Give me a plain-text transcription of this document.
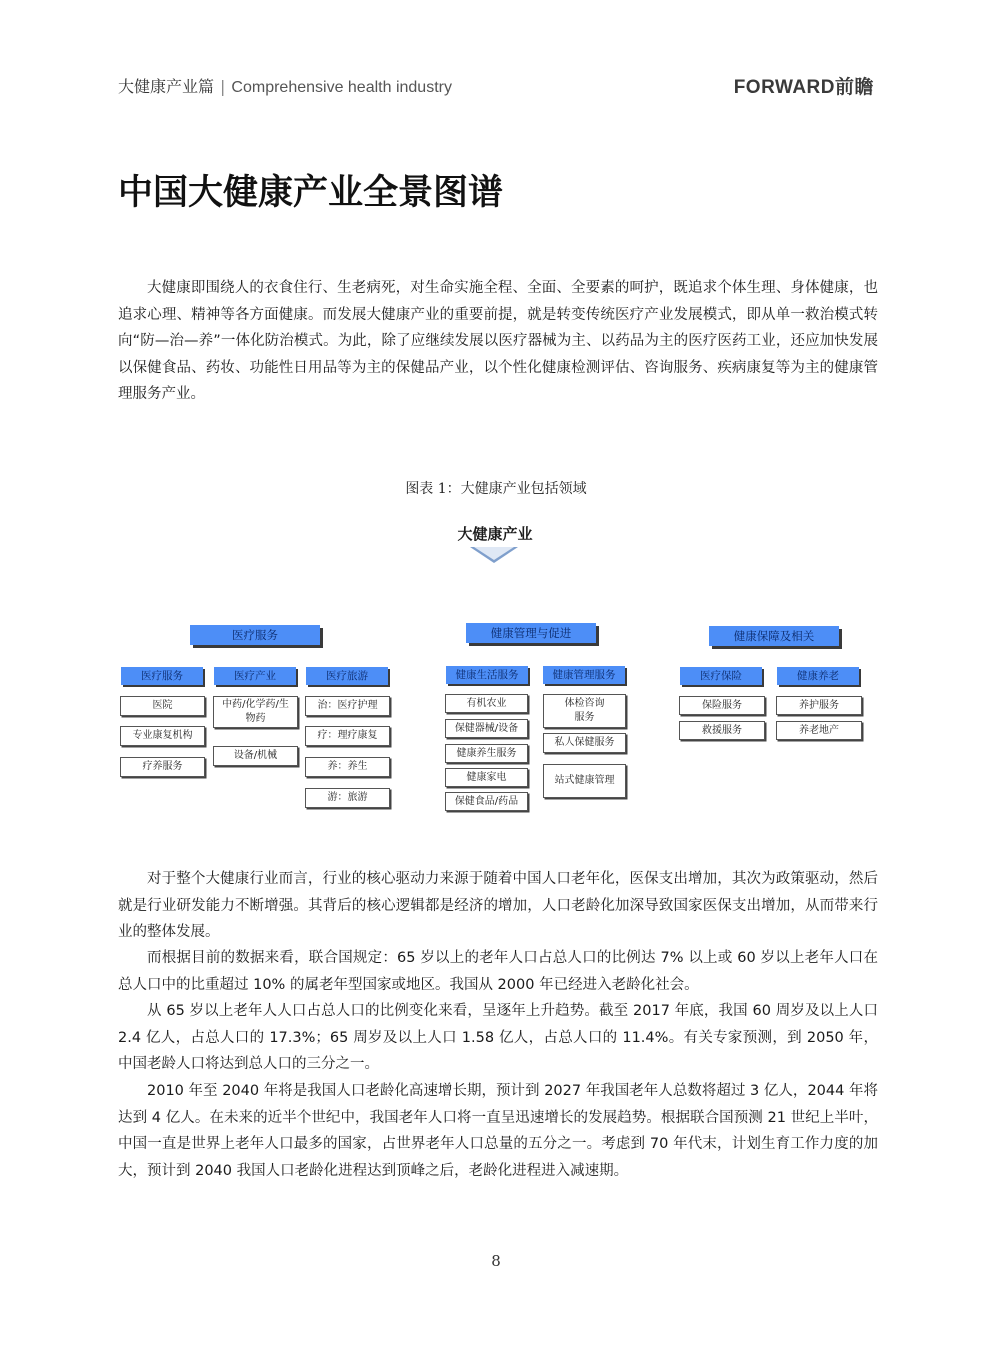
大健康产业篇 | Comprehensive health industry	FORWARD前瞻
中国大健康产业全景图谱

大健康即围绕人的衣食住行、生老病死，对生命实施全程、全面、全要素的呵护，既追求个体生理、身体健康，也追求心理、精神等各方面健康。而发展大健康产业的重要前提，就是转变传统医疗产业发展模式，即从单一救治模式转向“防—治—养”一体化防治模式。为此，除了应继续发展以医疗器械为主、以药品为主的医疗医药工业，还应加快发展以保健食品、药妆、功能性日用品等为主的保健品产业，以个性化健康检测评估、咨询服务、疾病康复等为主的健康管理服务产业。

图表 1：大健康产业包括领域
大健康产业
医疗服务
医疗服务	医疗产业	医疗旅游
医院
专业康复机构
疗养服务
中药/化学药/生物药
设备/机械
治：医疗护理
疗：理疗康复
养：养生
游：旅游
健康管理与促进
健康生活服务	健康管理服务
有机农业
保健器械/设备
健康养生服务
健康家电
保健食品/药品
体检咨询服务
私人保健服务
站式健康管理
健康保障及相关
医疗保险	健康养老
保险服务
救援服务
养护服务
养老地产

对于整个大健康行业而言，行业的核心驱动力来源于随着中国人口老年化，医保支出增加，其次为政策驱动，然后就是行业研发能力不断增强。其背后的核心逻辑都是经济的增加，人口老龄化加深导致国家医保支出增加，从而带来行业的整体发展。

而根据目前的数据来看，联合国规定：65 岁以上的老年人口占总人口的比例达 7% 以上或 60 岁以上老年人口在总人口中的比重超过 10% 的属老年型国家或地区。我国从 2000 年已经进入老龄化社会。

从 65 岁以上老年人人口占总人口的比例变化来看，呈逐年上升趋势。截至 2017 年底，我国 60 周岁及以上人口 2.4 亿人，占总人口的 17.3%；65 周岁及以上人口 1.58 亿人，占总人口的 11.4%。有关专家预测，到 2050 年，中国老龄人口将达到总人口的三分之一。

2010 年至 2040 年将是我国人口老龄化高速增长期，预计到 2027 年我国老年人总数将超过 3 亿人，2044 年将达到 4 亿人。在未来的近半个世纪中，我国老年人口将一直呈迅速增长的发展趋势。根据联合国预测 21 世纪上半叶，中国一直是世界上老年人口最多的国家，占世界老年人口总量的五分之一。考虑到 70 年代末，计划生育工作力度的加大，预计到 2040 我国人口老龄化进程达到顶峰之后，老龄化进程进入减速期。

8
